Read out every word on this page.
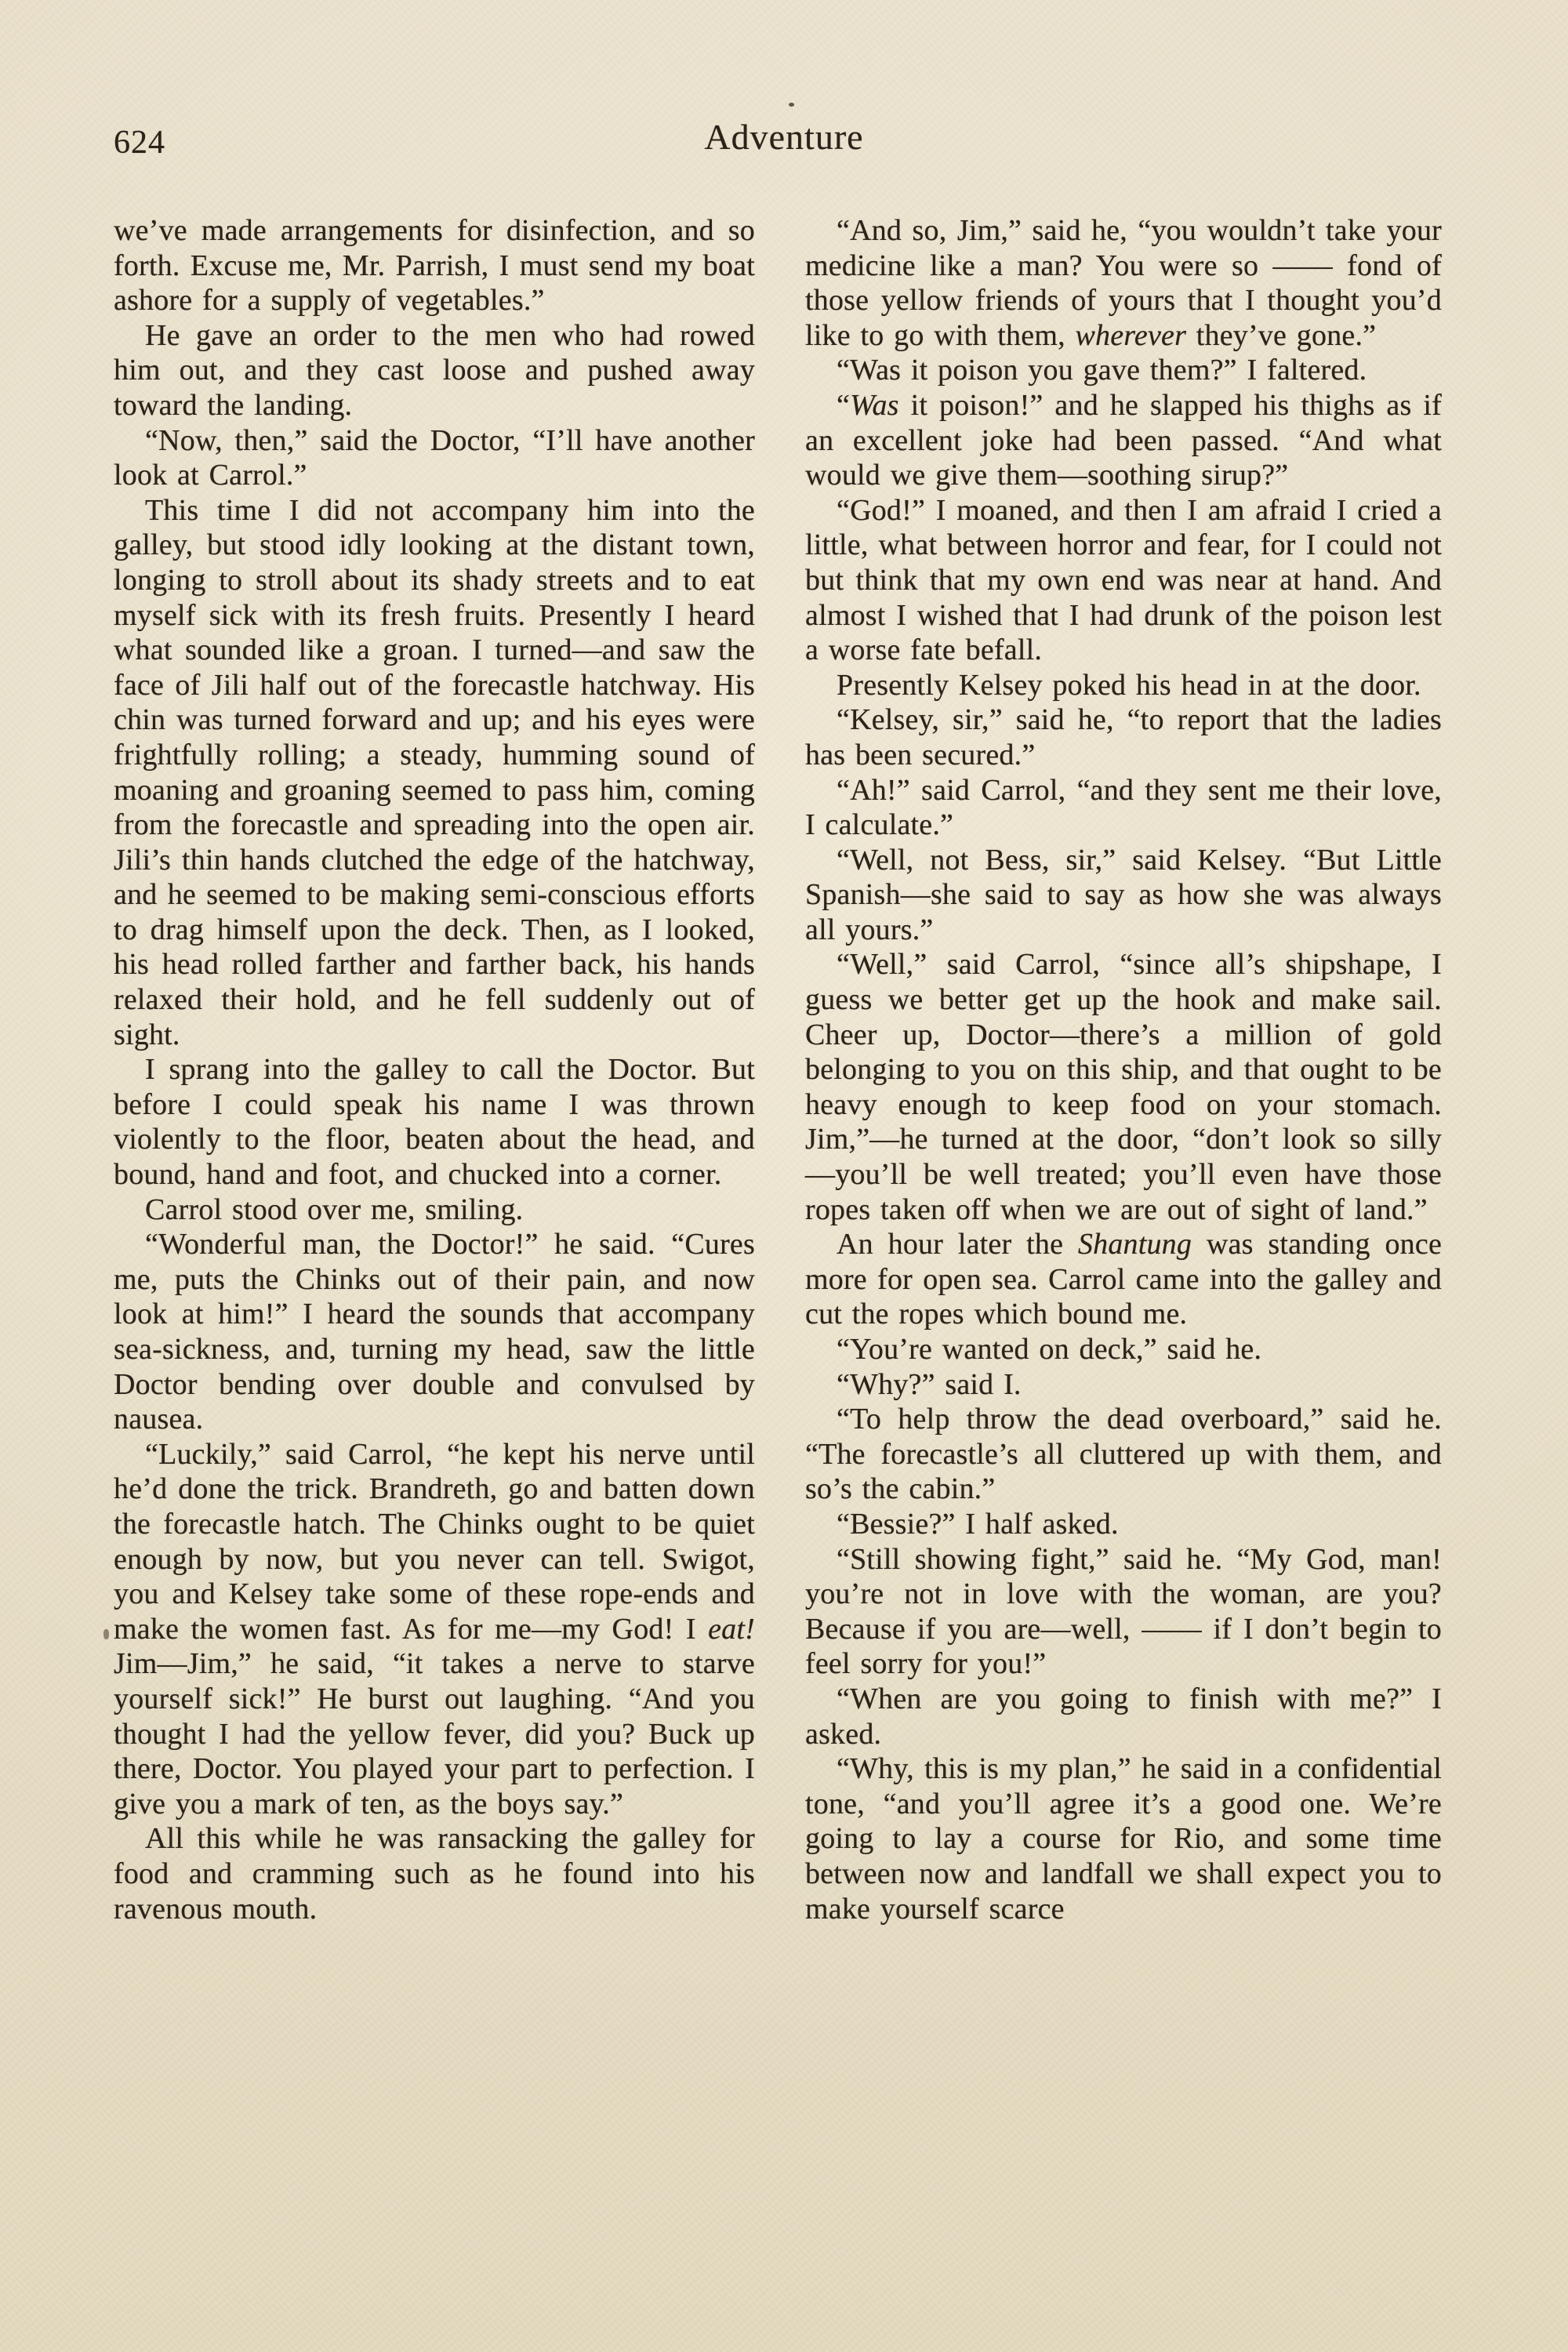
624	Adventure

we’ve made arrangements for disinfection, and so forth. Excuse me, Mr. Parrish, I must send my boat ashore for a supply of vegetables.”

He gave an order to the men who had rowed him out, and they cast loose and pushed away toward the landing.

“Now, then,” said the Doctor, “I’ll have another look at Carrol.”

This time I did not accompany him into the galley, but stood idly looking at the distant town, longing to stroll about its shady streets and to eat myself sick with its fresh fruits. Presently I heard what sounded like a groan. I turned—and saw the face of Jili half out of the forecastle hatchway. His chin was turned forward and up; and his eyes were frightfully rolling; a steady, humming sound of moaning and groaning seemed to pass him, coming from the forecastle and spreading into the open air. Jili’s thin hands clutched the edge of the hatchway, and he seemed to be making semi-conscious efforts to drag himself upon the deck. Then, as I looked, his head rolled farther and farther back, his hands relaxed their hold, and he fell suddenly out of sight.

I sprang into the galley to call the Doctor. But before I could speak his name I was thrown violently to the floor, beaten about the head, and bound, hand and foot, and chucked into a corner.

Carrol stood over me, smiling.

“Wonderful man, the Doctor!” he said. “Cures me, puts the Chinks out of their pain, and now look at him!” I heard the sounds that accompany sea-sickness, and, turning my head, saw the little Doctor bending over double and convulsed by nausea.

“Luckily,” said Carrol, “he kept his nerve until he’d done the trick. Brandreth, go and batten down the forecastle hatch. The Chinks ought to be quiet enough by now, but you never can tell. Swigot, you and Kelsey take some of these rope-ends and make the women fast. As for me—my God! I eat! Jim—Jim,” he said, “it takes a nerve to starve yourself sick!” He burst out laughing. “And you thought I had the yellow fever, did you? Buck up there, Doctor. You played your part to perfection. I give you a mark of ten, as the boys say.”

All this while he was ransacking the galley for food and cramming such as he found into his ravenous mouth.

“And so, Jim,” said he, “you wouldn’t take your medicine like a man? You were so —— fond of those yellow friends of yours that I thought you’d like to go with them, wherever they’ve gone.”

“Was it poison you gave them?” I faltered.

“Was it poison!” and he slapped his thighs as if an excellent joke had been passed. “And what would we give them—soothing sirup?”

“God!” I moaned, and then I am afraid I cried a little, what between horror and fear, for I could not but think that my own end was near at hand. And almost I wished that I had drunk of the poison lest a worse fate befall.

Presently Kelsey poked his head in at the door.

“Kelsey, sir,” said he, “to report that the ladies has been secured.”

“Ah!” said Carrol, “and they sent me their love, I calculate.”

“Well, not Bess, sir,” said Kelsey. “But Little Spanish—she said to say as how she was always all yours.”

“Well,” said Carrol, “since all’s shipshape, I guess we better get up the hook and make sail. Cheer up, Doctor—there’s a million of gold belonging to you on this ship, and that ought to be heavy enough to keep food on your stomach. Jim,”—he turned at the door, “don’t look so silly—you’ll be well treated; you’ll even have those ropes taken off when we are out of sight of land.”

An hour later the Shantung was standing once more for open sea. Carrol came into the galley and cut the ropes which bound me.

“You’re wanted on deck,” said he.

“Why?” said I.

“To help throw the dead overboard,” said he. “The forecastle’s all cluttered up with them, and so’s the cabin.”

“Bessie?” I half asked.

“Still showing fight,” said he. “My God, man! you’re not in love with the woman, are you? Because if you are—well, —— if I don’t begin to feel sorry for you!”

“When are you going to finish with me?” I asked.

“Why, this is my plan,” he said in a confidential tone, “and you’ll agree it’s a good one. We’re going to lay a course for Rio, and some time between now and landfall we shall expect you to make yourself scarce
